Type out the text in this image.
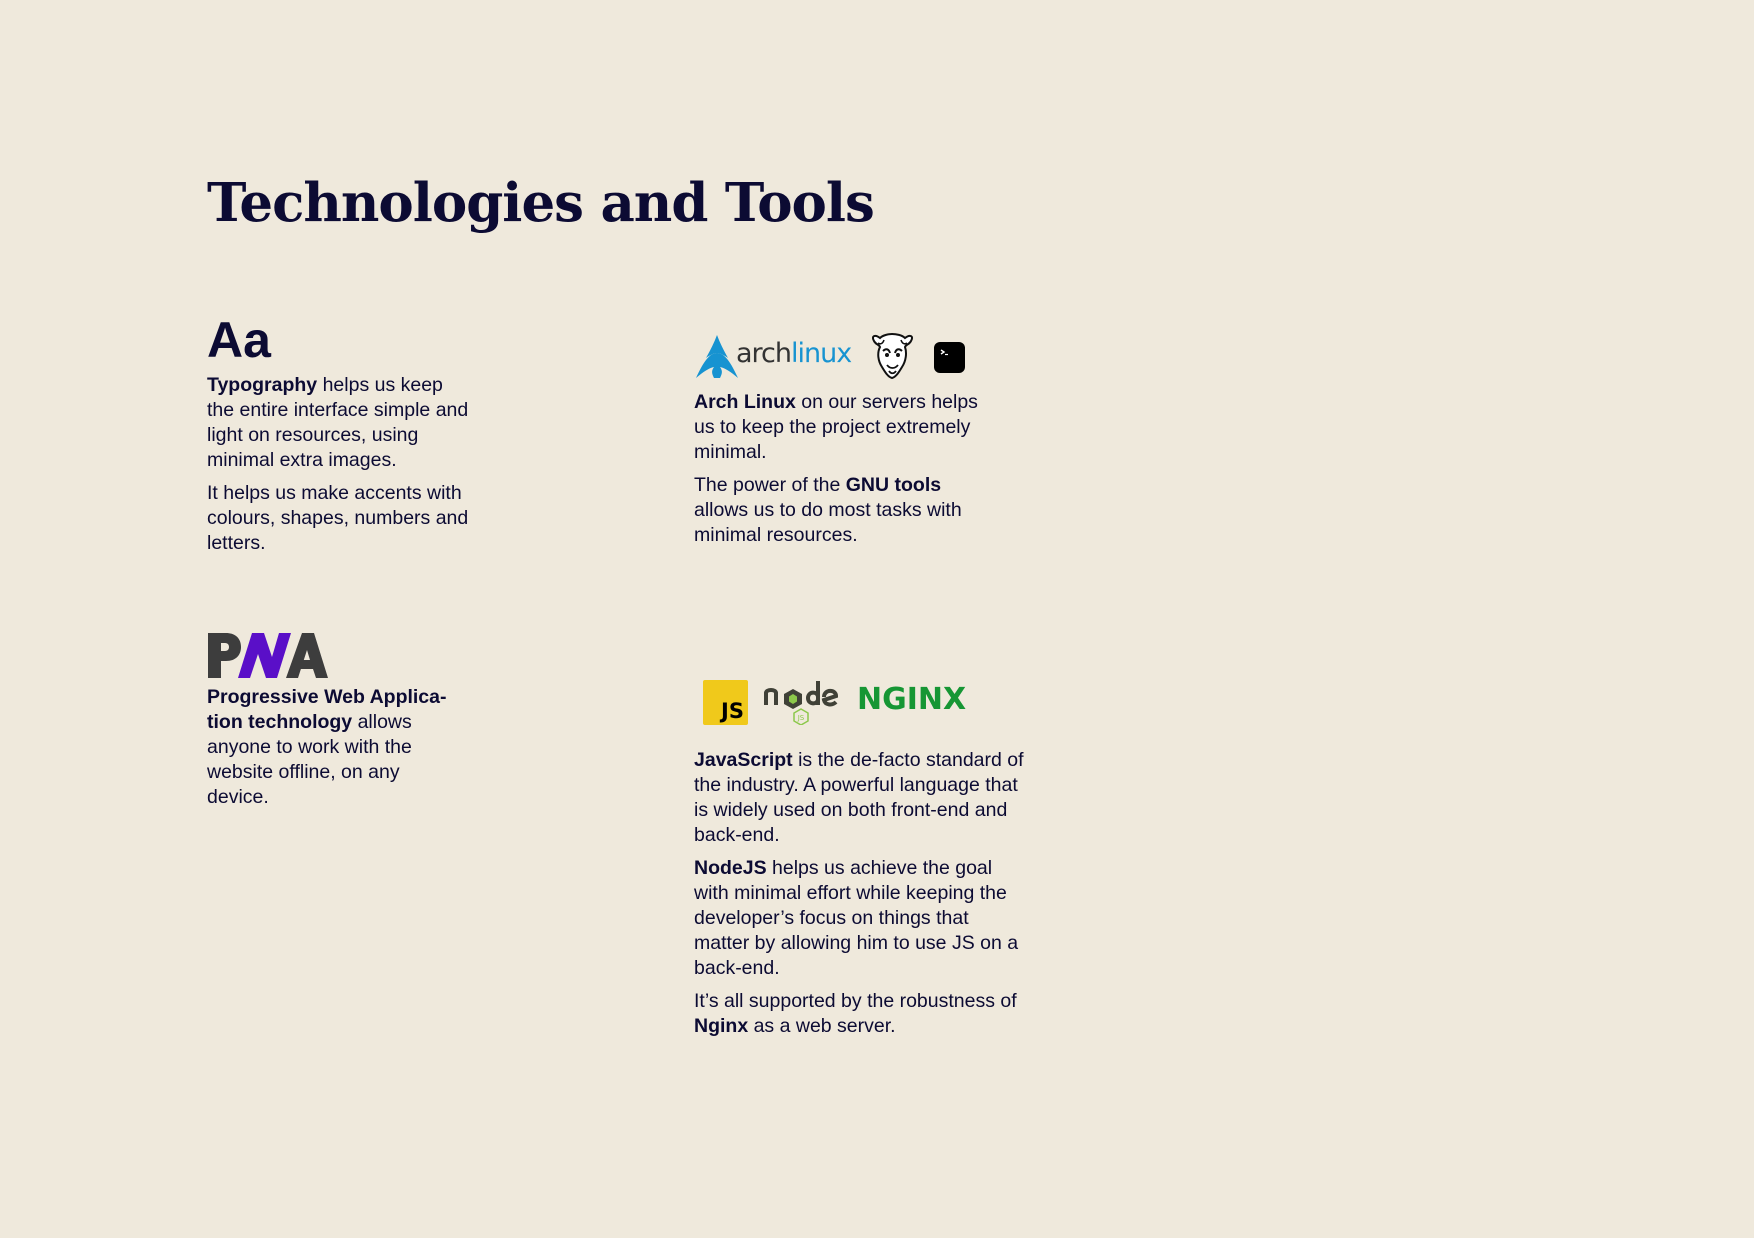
Technologies and Tools
Aa

Typography helps us keep the entire interface simple and light on resources, using minimal extra images.

It helps us make accents with colours, shapes, numbers and letters.

archlinux

Arch Linux on our servers helps us to keep the project extremely minimal.

The power of the GNU tools allows us to do most tasks with minimal resources.

Progressive Web Applica-tion technology allows anyone to work with the website offline, on any device.

JS	JS
NGINX

JavaScript is the de-facto standard of the industry. A powerful language that is widely used on both front-end and back-end.

NodeJS helps us achieve the goal with minimal effort while keeping the developer’s focus on things that matter by allowing him to use JS on a back-end.

It’s all supported by the robustness of Nginx as a web server.
